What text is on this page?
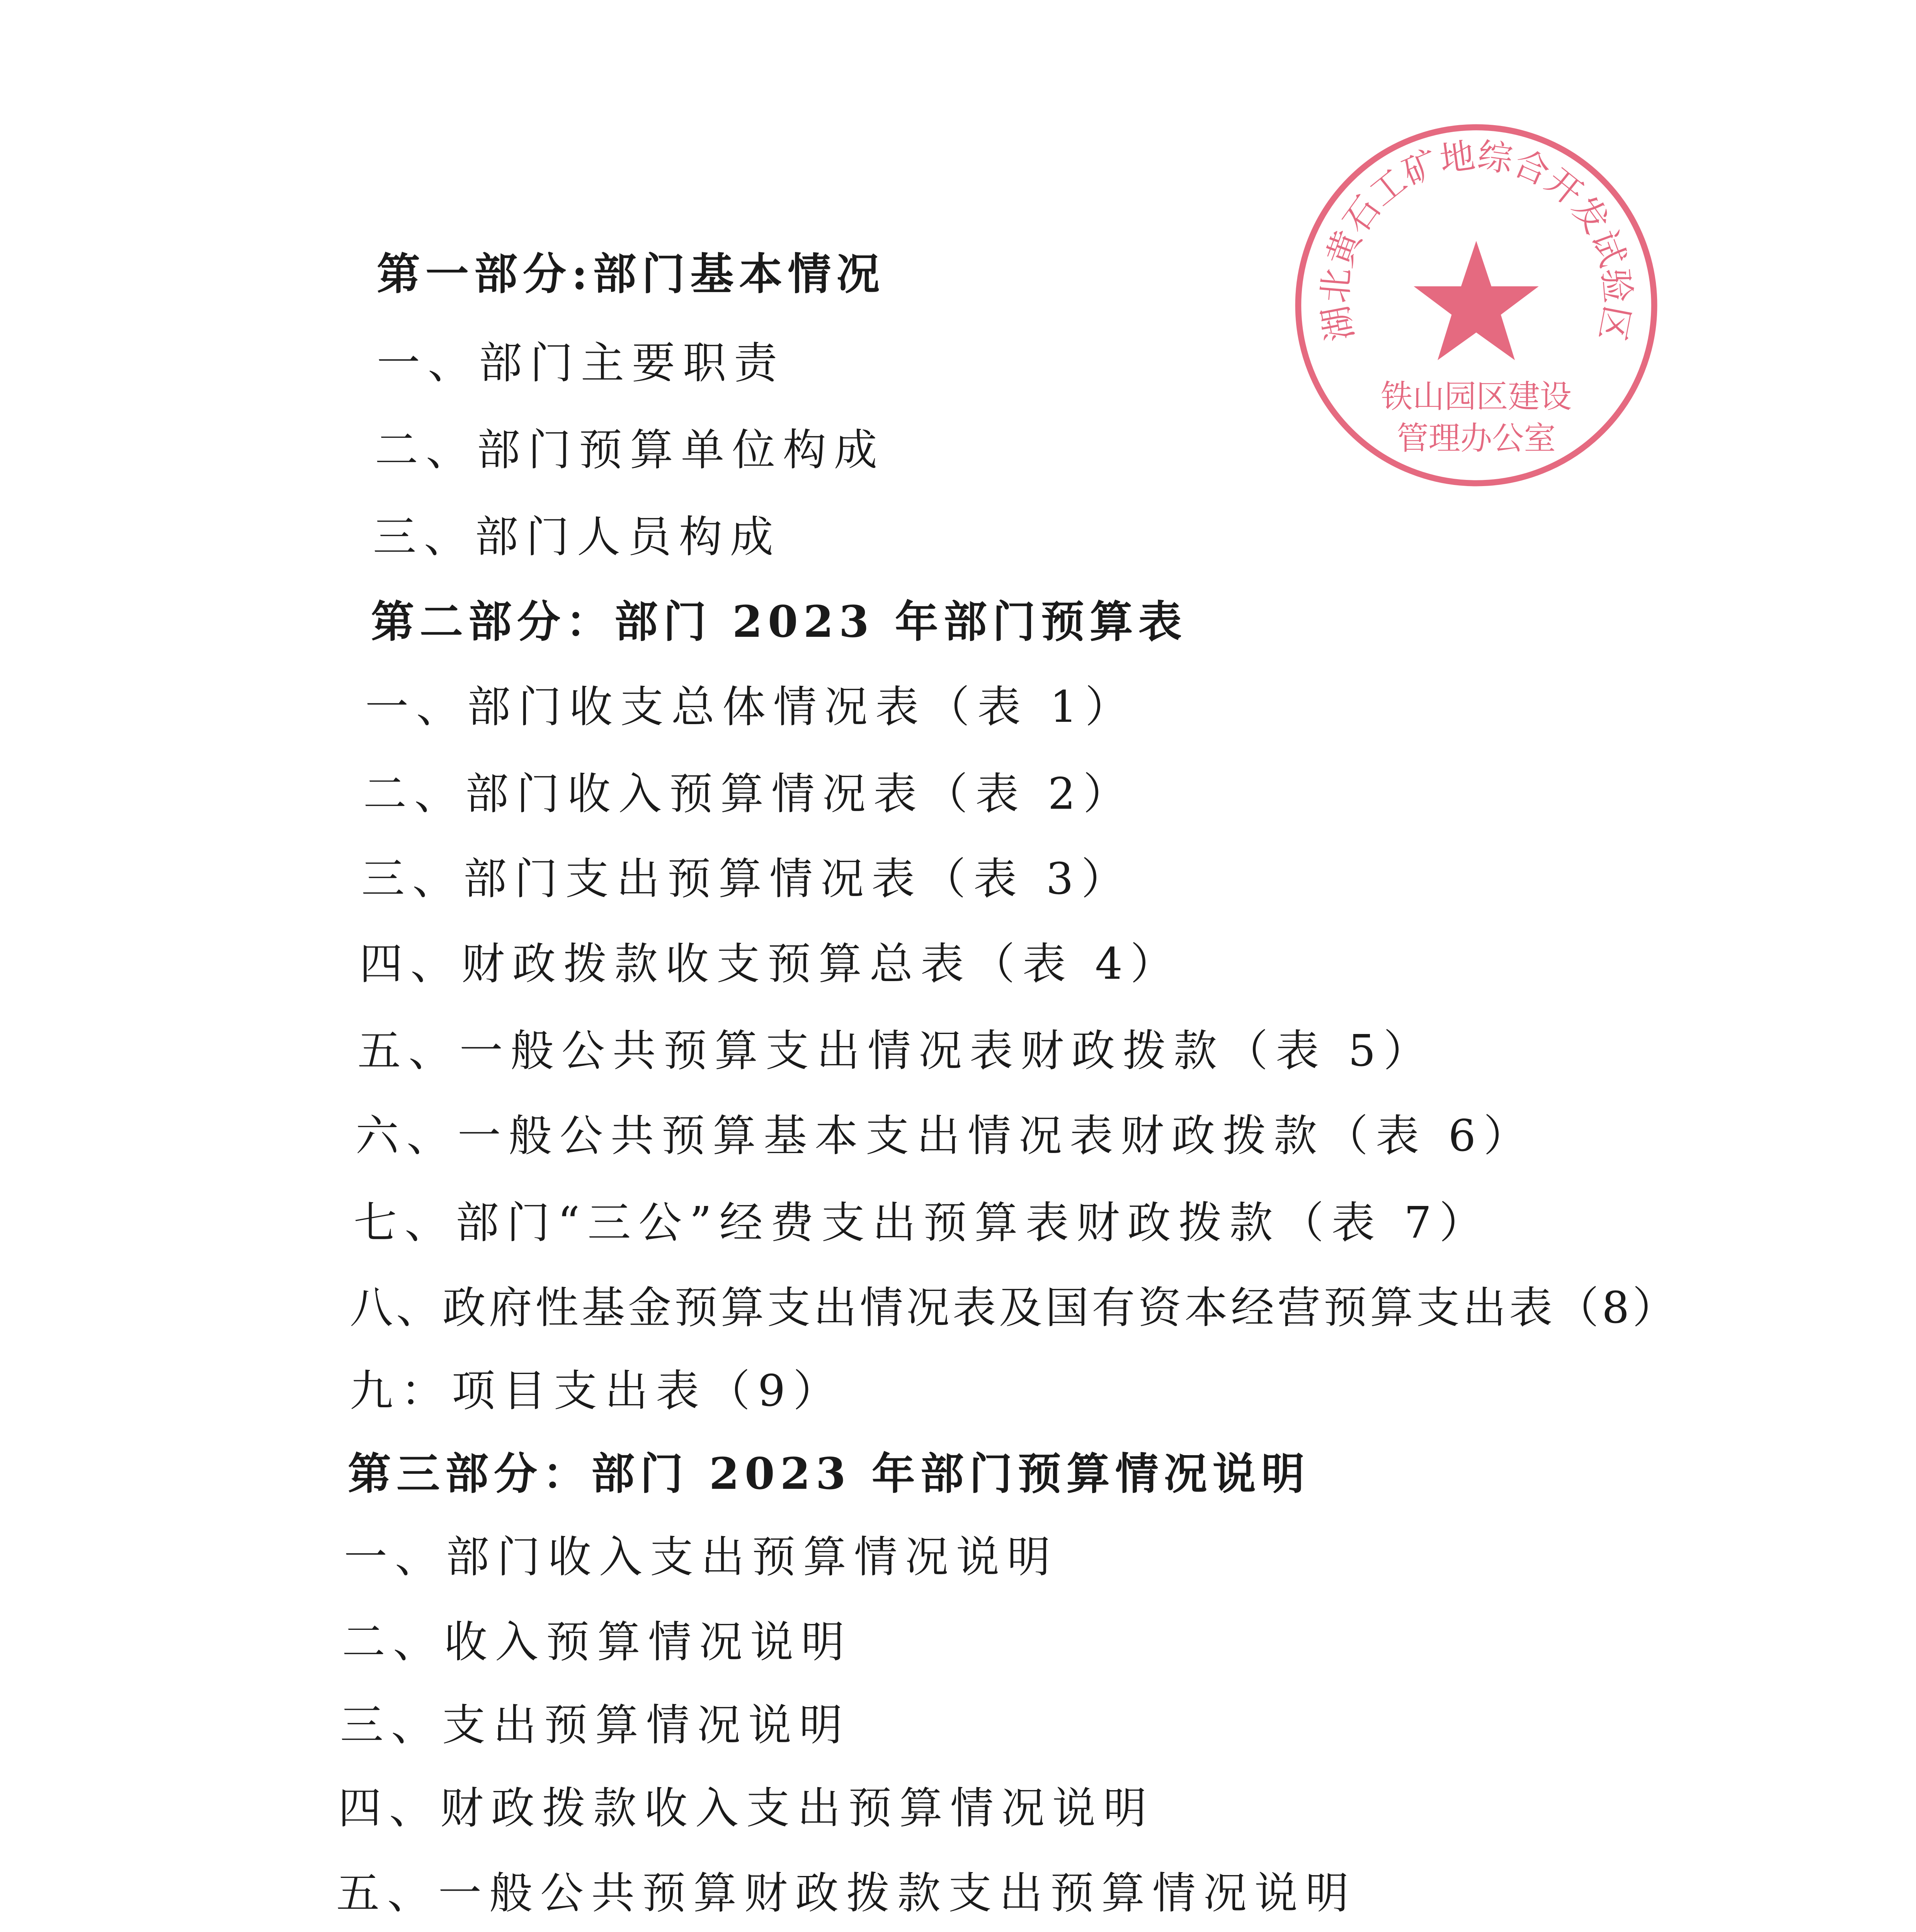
第一部分:部门基本情况
一、部门主要职责
二、部门预算单位构成
三、部门人员构成
第二部分：部门 2023 年部门预算表
一、部门收支总体情况表（表 1）
二、部门收入预算情况表（表 2）
三、部门支出预算情况表（表 3）
四、财政拨款收支预算总表（表 4）
五、一般公共预算支出情况表财政拨款（表 5）
六、一般公共预算基本支出情况表财政拨款（表 6）
七、部门“三公”经费支出预算表财政拨款（表 7）
八、政府性基金预算支出情况表及国有资本经营预算支出表（8）
九：项目支出表（9）
第三部分：部门 2023 年部门预算情况说明
一、部门收入支出预算情况说明
二、收入预算情况说明
三、支出预算情况说明
四、财政拨款收入支出预算情况说明
五、一般公共预算财政拨款支出预算情况说明
湖北黄石工矿地综合开发试验区
铁山园区建设
管理办公室
